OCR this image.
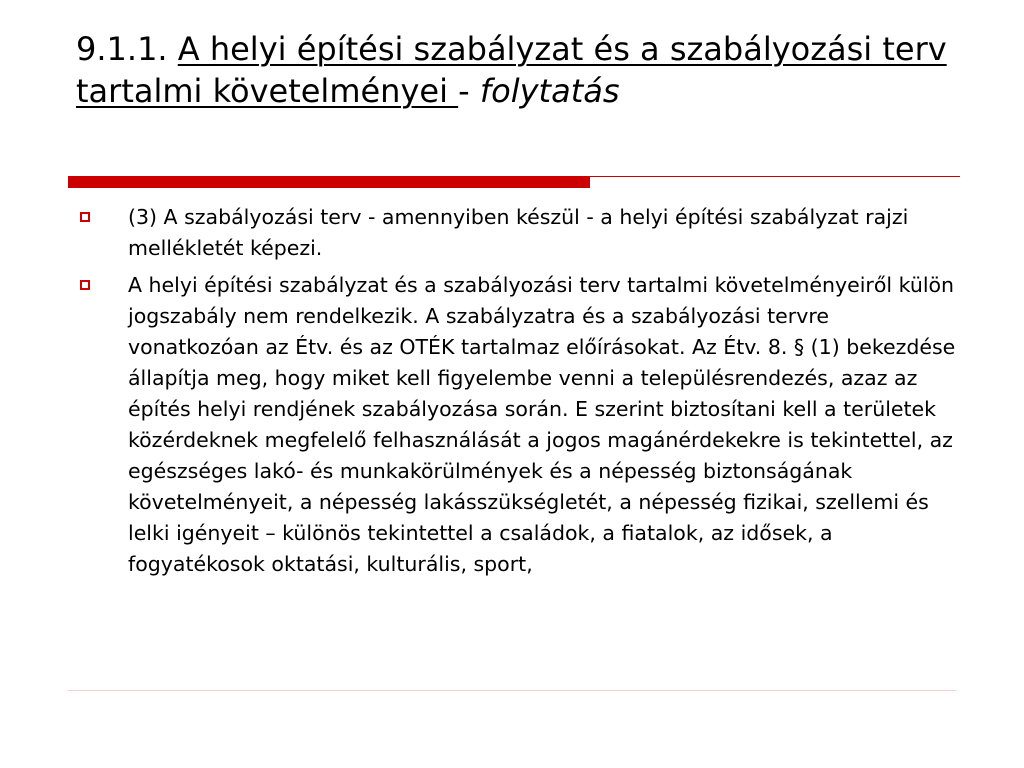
9.1.1. A helyi építési szabályzat és a szabályozási terv tartalmi követelményei - folytatás
(3) A szabályozási terv - amennyiben készül - a helyi építési szabályzat rajzi mellékletét képezi.
A helyi építési szabályzat és a szabályozási terv tartalmi követelményeiről külön jogszabály nem rendelkezik. A szabályzatra és a szabályozási tervre vonatkozóan az Étv. és az OTÉK tartalmaz előírásokat. Az Étv. 8. § (1) bekezdése állapítja meg, hogy miket kell figyelembe venni a településrendezés, azaz az építés helyi rendjének szabályozása során. E szerint biztosítani kell a területek közérdeknek megfelelő felhasználását a jogos magánérdekekre is tekintettel, az egészséges lakó- és munkakörülmények és a népesség biztonságának követelményeit, a népesség lakásszükségletét, a népesség fizikai, szellemi és lelki igényeit – különös tekintettel a családok, a fiatalok, az idősek, a fogyatékosok oktatási, kulturális, sport,
